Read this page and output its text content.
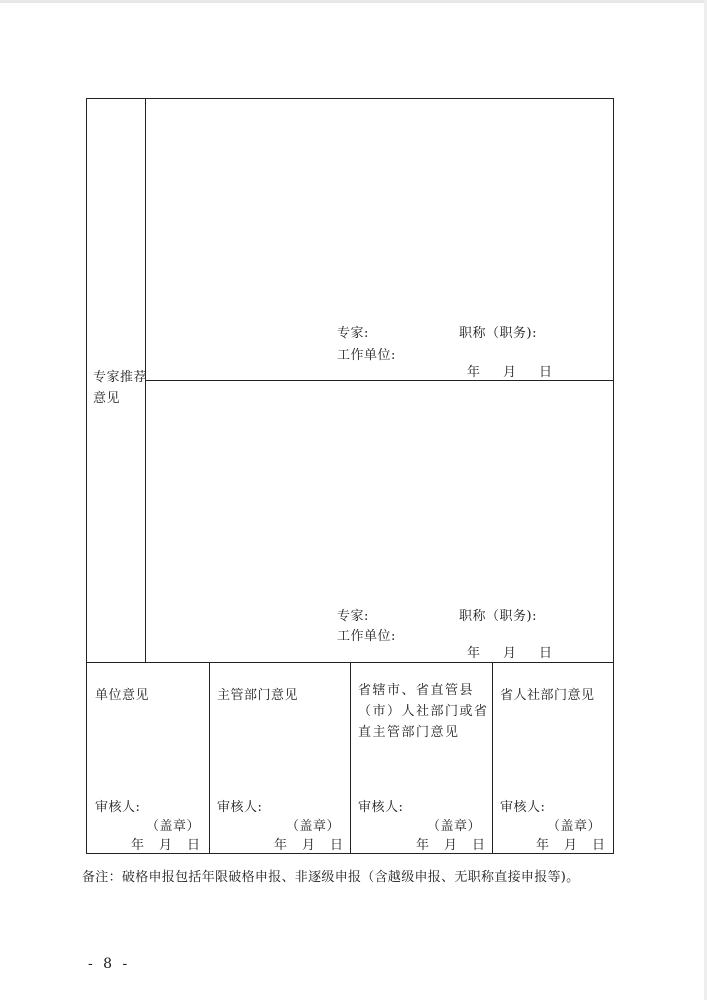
专家推荐意见
专家:	职称（职务):
工作单位:
年 月 日
专家:	职称（职务):
工作单位:
年 月 日
单位意见
审核人:
（盖章）
年 月 日
主管部门意见
审核人:
（盖章）
年 月 日
省辖市、省直管县（市）人社部门或省直主管部门意见
审核人:
（盖章）
年 月 日
省人社部门意见
审核人:
（盖章）
年 月 日
备注：破格申报包括年限破格申报、非逐级申报（含越级申报、无职称直接申报等)。
- 8 -
